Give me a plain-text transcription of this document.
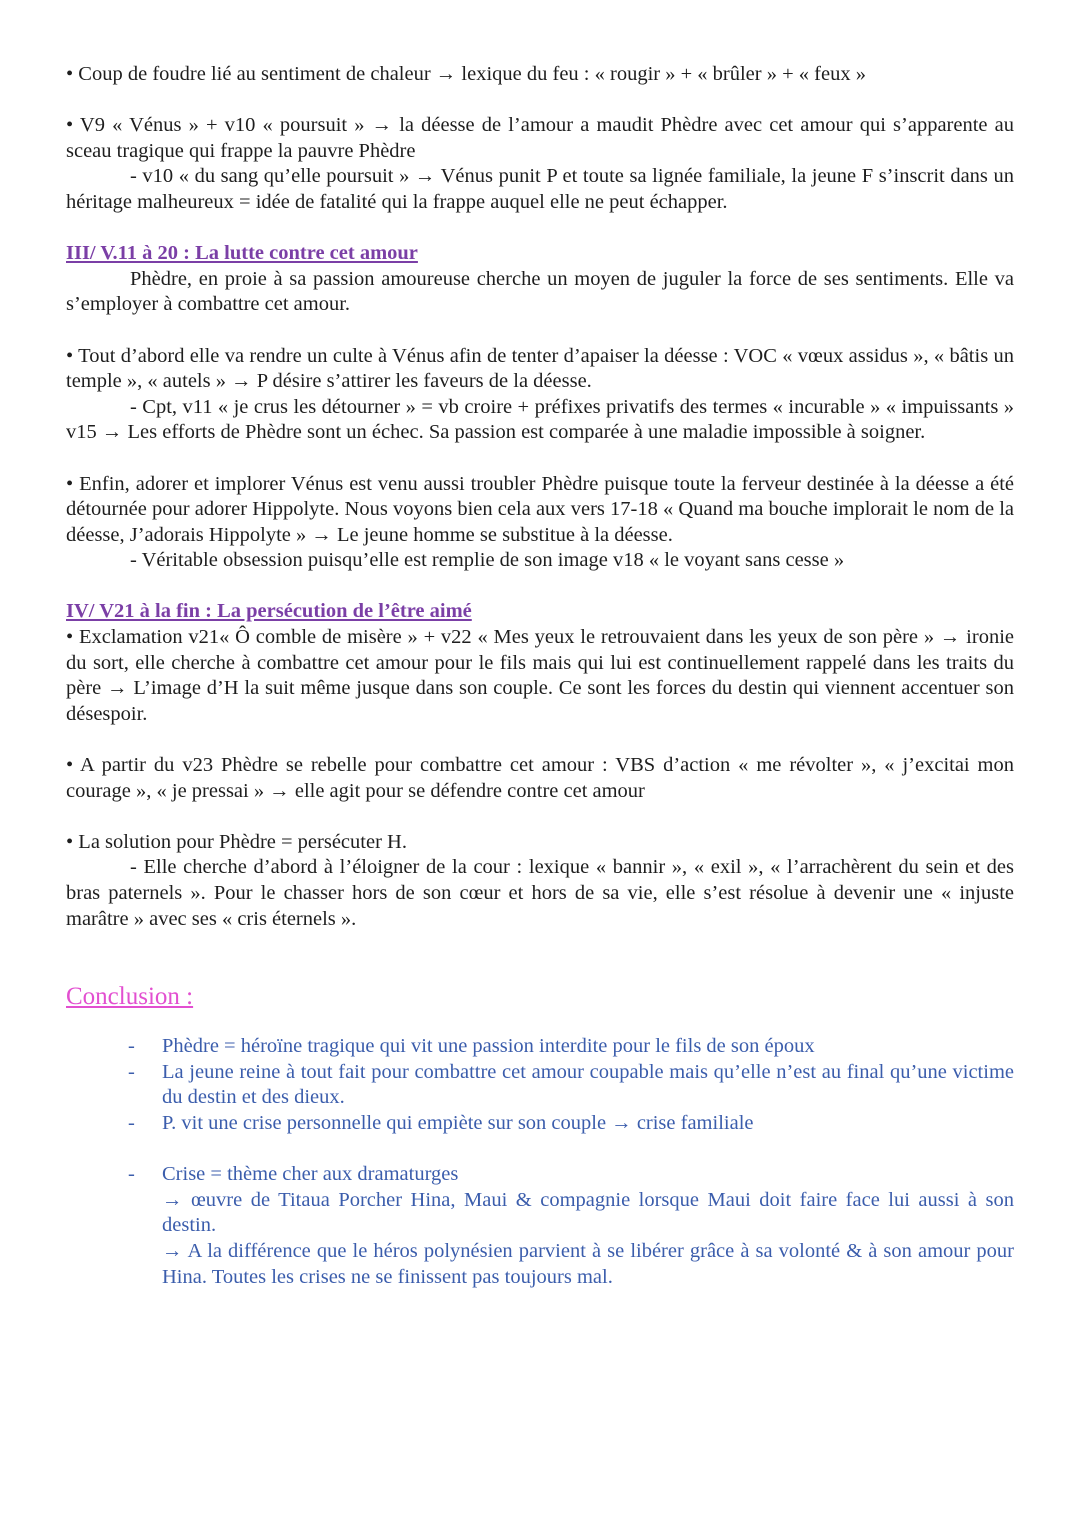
• Coup de foudre lié au sentiment de chaleur → lexique du feu : « rougir » + « brûler » + « feux »

• V9 « Vénus » + v10 « poursuit » → la déesse de l’amour a maudit Phèdre avec cet amour qui s’apparente au sceau tragique qui frappe la pauvre Phèdre

- v10 « du sang qu’elle poursuit » → Vénus punit P et toute sa lignée familiale, la jeune F s’inscrit dans un héritage malheureux = idée de fatalité qui la frappe auquel elle ne peut échapper.

III/ V.11 à 20 : La lutte contre cet amour

Phèdre, en proie à sa passion amoureuse cherche un moyen de juguler la force de ses sentiments. Elle va s’employer à combattre cet amour.

• Tout d’abord elle va rendre un culte à Vénus afin de tenter d’apaiser la déesse : VOC « vœux assidus », « bâtis un temple », « autels » → P désire s’attirer les faveurs de la déesse.

- Cpt, v11 « je crus les détourner » = vb croire + préfixes privatifs des termes « incurable » « impuissants » v15 → Les efforts de Phèdre sont un échec. Sa passion est comparée à une maladie impossible à soigner.

• Enfin, adorer et implorer Vénus est venu aussi troubler Phèdre puisque toute la ferveur destinée à la déesse a été détournée pour adorer Hippolyte. Nous voyons bien cela aux vers 17-18 « Quand ma bouche implorait le nom de la déesse, J’adorais Hippolyte » → Le jeune homme se substitue à la déesse.

- Véritable obsession puisqu’elle est remplie de son image v18 « le voyant sans cesse »

IV/ V21 à la fin : La persécution de l’être aimé

• Exclamation v21« Ô comble de misère » + v22 « Mes yeux le retrouvaient dans les yeux de son père » → ironie du sort, elle cherche à combattre cet amour pour le fils mais qui lui est continuellement rappelé dans les traits du père → L’image d’H la suit même jusque dans son couple. Ce sont les forces du destin qui viennent accentuer son désespoir.

• A partir du v23 Phèdre se rebelle pour combattre cet amour : VBS d’action « me révolter », « j’excitai mon courage », « je pressai » → elle agit pour se défendre contre cet amour

• La solution pour Phèdre = persécuter H.

- Elle cherche d’abord à l’éloigner de la cour : lexique « bannir », « exil », « l’arrachèrent du sein et des bras paternels ». Pour le chasser hors de son cœur et hors de sa vie, elle s’est résolue à devenir une « injuste marâtre » avec ses « cris éternels ».

Conclusion :

- Phèdre = héroïne tragique qui vit une passion interdite pour le fils de son époux

- La jeune reine à tout fait pour combattre cet amour coupable mais qu’elle n’est au final qu’une victime du destin et des dieux.

- P. vit une crise personnelle qui empiète sur son couple → crise familiale

- Crise = thème cher aux dramaturges

→ œuvre de Titaua Porcher Hina, Maui & compagnie lorsque Maui doit faire face lui aussi à son destin.

→ A la différence que le héros polynésien parvient à se libérer grâce à sa volonté & à son amour pour Hina. Toutes les crises ne se finissent pas toujours mal.
